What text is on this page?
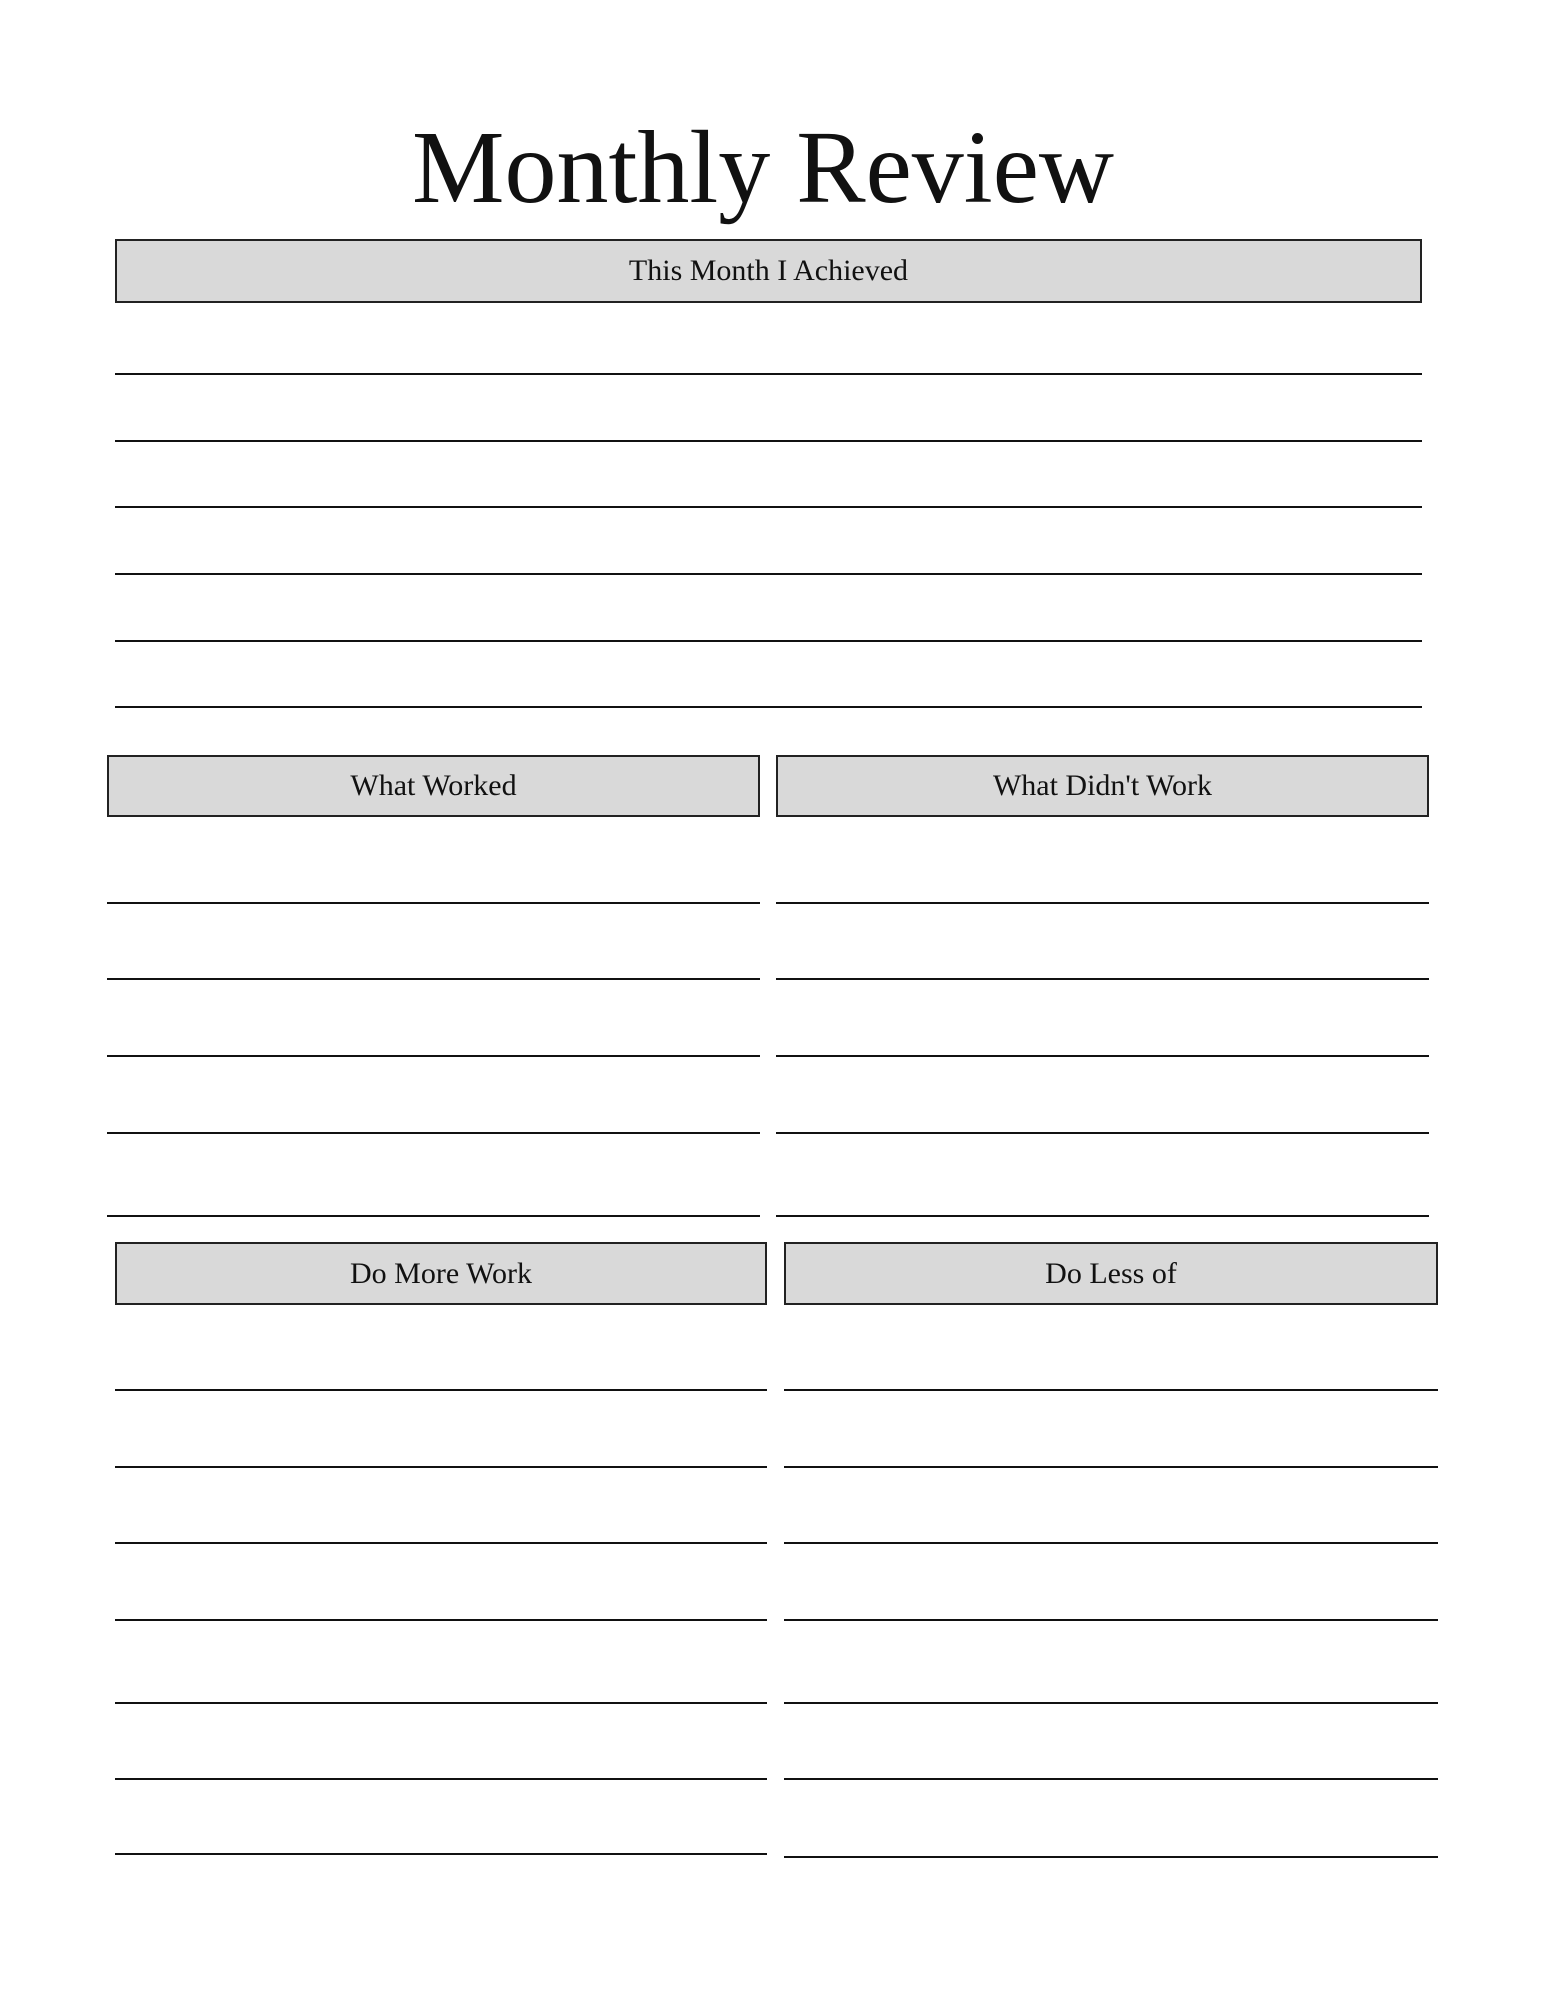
Monthly Review
This Month I Achieved
What Worked	What Didn't Work
Do More Work	Do Less of
